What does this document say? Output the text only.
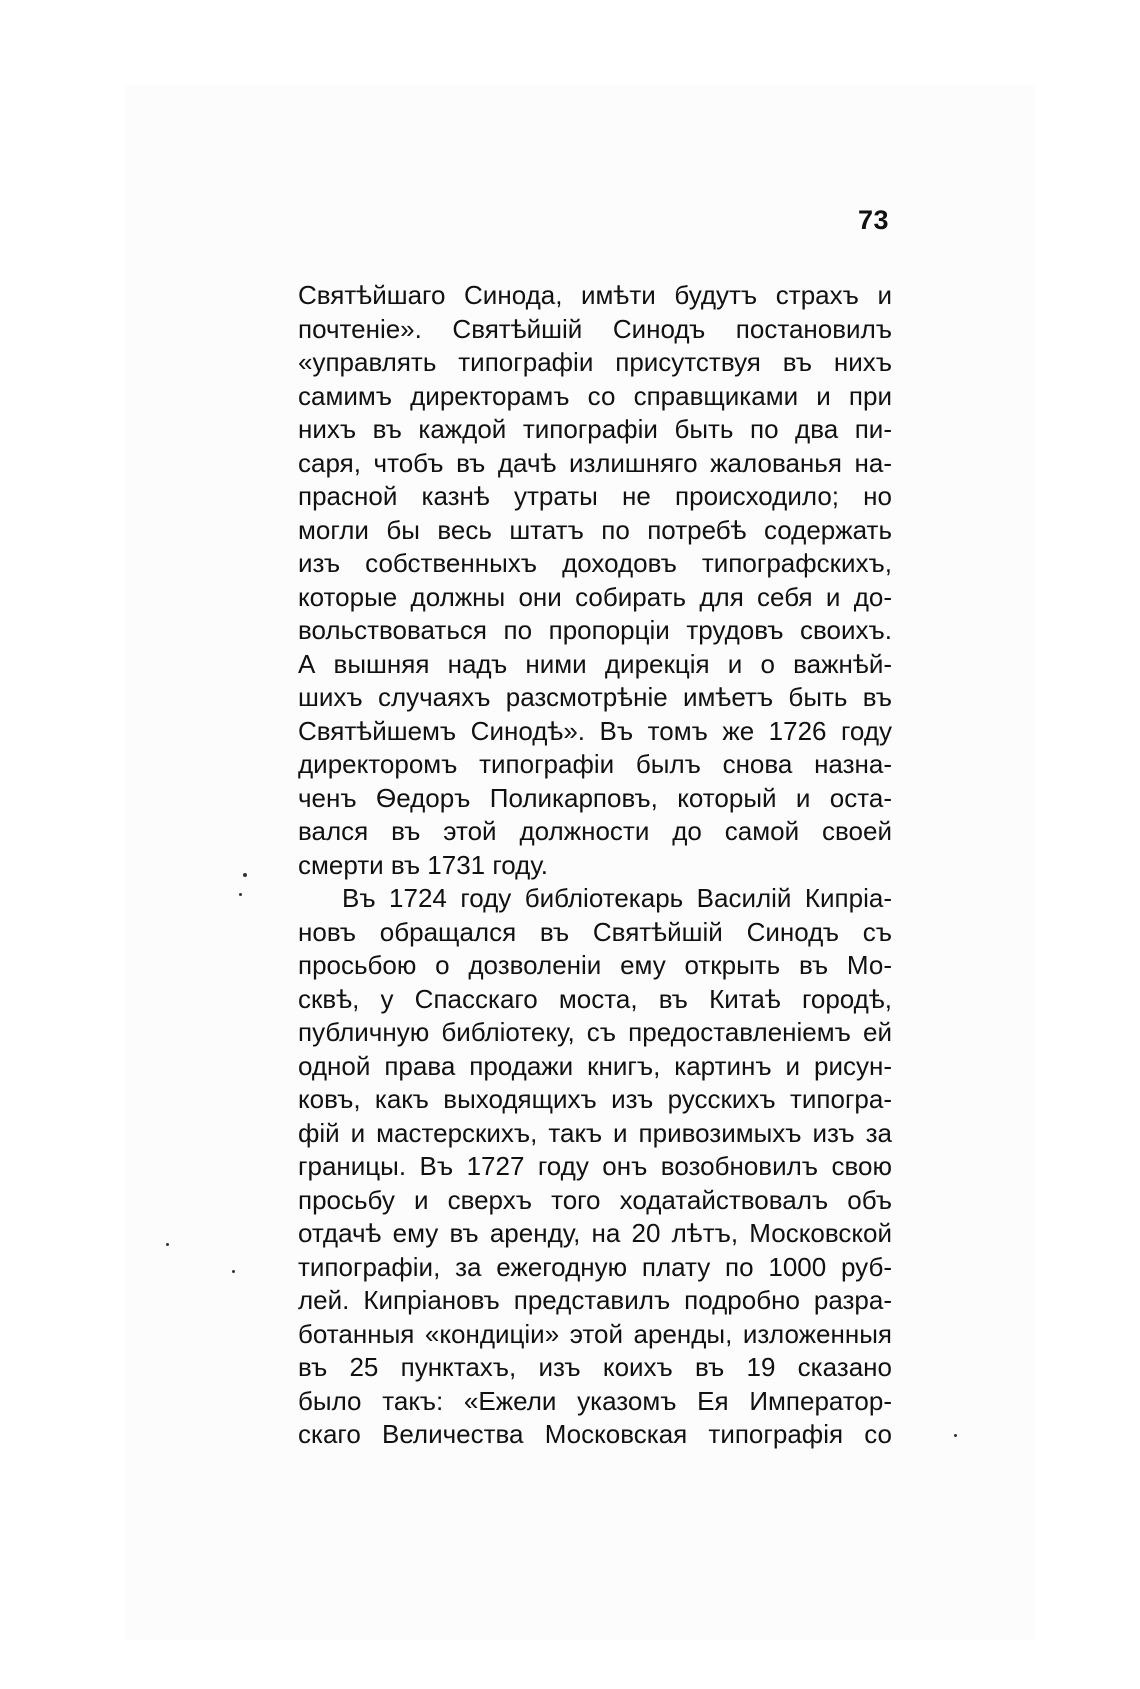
73
Святѣйшаго Синода, имѣти будутъ страхъ и
почтеніе». Святѣйшій Синодъ постановилъ
«управлять типографіи присутствуя въ нихъ
самимъ директорамъ со справщиками и при
нихъ въ каждой типографіи быть по два пи-
саря, чтобъ въ дачѣ излишняго жалованья на-
прасной казнѣ утраты не происходило; но
могли бы весь штатъ по потребѣ содержать
изъ собственныхъ доходовъ типографскихъ,
которые должны они собирать для себя и до-
вольствоваться по пропорціи трудовъ своихъ.
А вышняя надъ ними дирекція и о важнѣй-
шихъ случаяхъ разсмотрѣніе имѣетъ быть въ
Святѣйшемъ Синодѣ». Въ томъ же 1726 году
директоромъ типографіи былъ снова назна-
ченъ Ѳедоръ Поликарповъ, который и оста-
вался въ этой должности до самой своей
смерти въ 1731 году.
Въ 1724 году библіотекарь Василій Кипріа-
новъ обращался въ Святѣйшій Синодъ съ
просьбою о дозволеніи ему открыть въ Мо-
сквѣ, у Спасскаго моста, въ Китаѣ городѣ,
публичную библіотеку, съ предоставленіемъ ей
одной права продажи книгъ, картинъ и рисун-
ковъ, какъ выходящихъ изъ русскихъ типогра-
фій и мастерскихъ, такъ и привозимыхъ изъ за
границы. Въ 1727 году онъ возобновилъ свою
просьбу и сверхъ того ходатайствовалъ объ
отдачѣ ему въ аренду, на 20 лѣтъ, Московской
типографіи, за ежегодную плату по 1000 руб-
лей. Кипріановъ представилъ подробно разра-
ботанныя «кондиціи» этой аренды, изложенныя
въ 25 пунктахъ, изъ коихъ въ 19 сказано
было такъ: «Ежели указомъ Ея Император-
скаго Величества Московская типографія со
